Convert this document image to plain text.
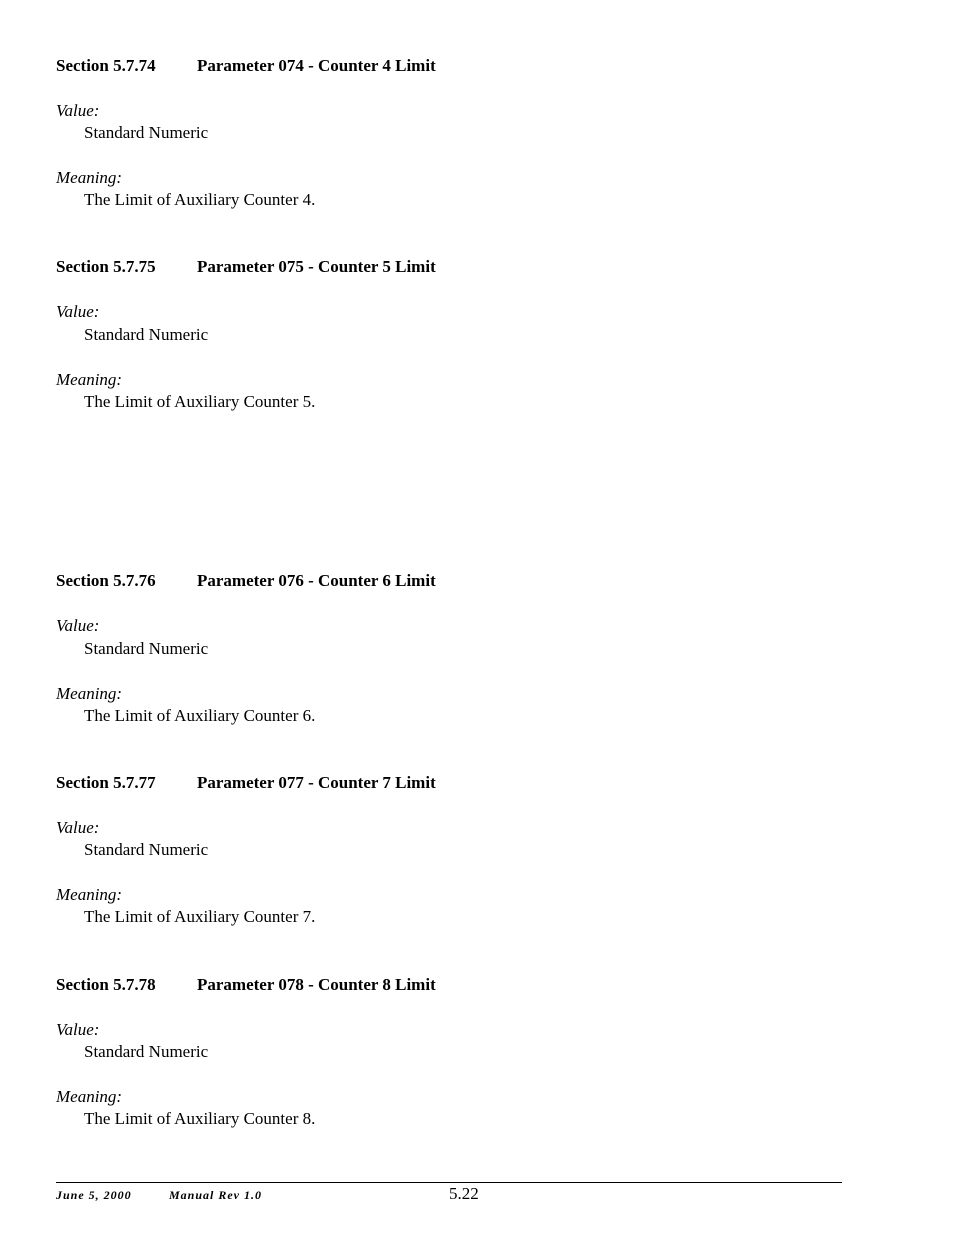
Section 5.7.74 Parameter 074 - Counter 4 Limit
Value:
Standard Numeric
Meaning:
The Limit of Auxiliary Counter 4.
Section 5.7.75 Parameter 075 - Counter 5 Limit
Value:
Standard Numeric
Meaning:
The Limit of Auxiliary Counter 5.
Section 5.7.76 Parameter 076 - Counter 6 Limit
Value:
Standard Numeric
Meaning:
The Limit of Auxiliary Counter 6.
Section 5.7.77 Parameter 077 - Counter 7 Limit
Value:
Standard Numeric
Meaning:
The Limit of Auxiliary Counter 7.
Section 5.7.78 Parameter 078 - Counter 8 Limit
Value:
Standard Numeric
Meaning:
The Limit of Auxiliary Counter 8.
June 5, 2000	Manual Rev 1.0	5.22
